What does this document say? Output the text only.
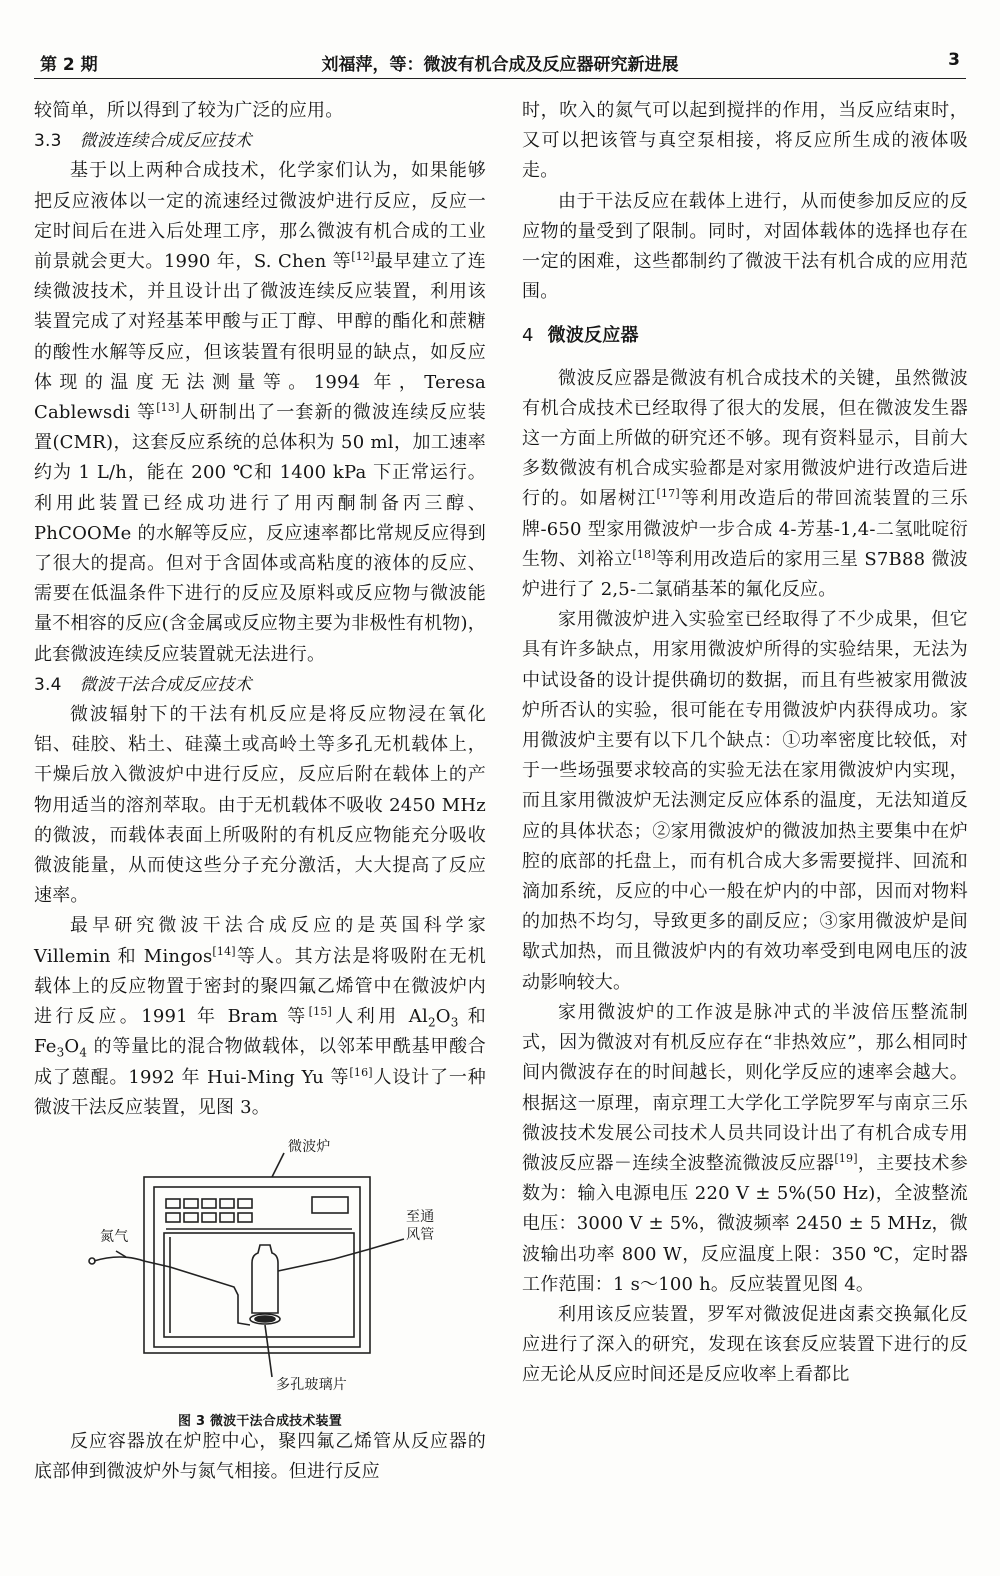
第 2 期	刘福萍，等：微波有机合成及反应器研究新进展	3

较简单，所以得到了较为广泛的应用。

3.3 微波连续合成反应技术

基于以上两种合成技术，化学家们认为，如果能够把反应液体以一定的流速经过微波炉进行反应，反应一定时间后在进入后处理工序，那么微波有机合成的工业前景就会更大。1990 年，S. Chen 等[12]最早建立了连续微波技术，并且设计出了微波连续反应装置，利用该装置完成了对羟基苯甲酸与正丁醇、甲醇的酯化和蔗糖的酸性水解等反应，但该装置有很明显的缺点，如反应体现的温度无法测量等。1994 年，Teresa Cablewsdi 等[13]人研制出了一套新的微波连续反应装置(CMR)，这套反应系统的总体积为 50 ml，加工速率约为 1 L/h，能在 200 ℃和 1400 kPa 下正常运行。利用此装置已经成功进行了用丙酮制备丙三醇、PhCOOMe 的水解等反应，反应速率都比常规反应得到了很大的提高。但对于含固体或高粘度的液体的反应、需要在低温条件下进行的反应及原料或反应物与微波能量不相容的反应(含金属或反应物主要为非极性有机物)，此套微波连续反应装置就无法进行。

3.4 微波干法合成反应技术

微波辐射下的干法有机反应是将反应物浸在氧化铝、硅胶、粘土、硅藻土或高岭土等多孔无机载体上，干燥后放入微波炉中进行反应，反应后附在载体上的产物用适当的溶剂萃取。由于无机载体不吸收 2450 MHz 的微波，而载体表面上所吸附的有机反应物能充分吸收微波能量，从而使这些分子充分激活，大大提高了反应速率。

最早研究微波干法合成反应的是英国科学家 Villemin 和 Mingos[14]等人。其方法是将吸附在无机载体上的反应物置于密封的聚四氟乙烯管中在微波炉内进行反应。1991 年 Bram 等[15]人利用 $Al_2O_3$ 和 $Fe_3O_4$ 的等量比的混合物做载体，以邻苯甲酰基甲酸合成了蒽醌。1992 年 Hui-Ming Yu 等[16]人设计了一种微波干法反应装置，见图 3。

微波炉
氮气
至通
风管
多孔玻璃片
图 3 微波干法合成技术装置

反应容器放在炉腔中心，聚四氟乙烯管从反应器的底部伸到微波炉外与氮气相接。但进行反应

时，吹入的氮气可以起到搅拌的作用，当反应结束时，又可以把该管与真空泵相接，将反应所生成的液体吸走。

由于干法反应在载体上进行，从而使参加反应的反应物的量受到了限制。同时，对固体载体的选择也存在一定的困难，这些都制约了微波干法有机合成的应用范围。

4 微波反应器

微波反应器是微波有机合成技术的关键，虽然微波有机合成技术已经取得了很大的发展，但在微波发生器这一方面上所做的研究还不够。现有资料显示，目前大多数微波有机合成实验都是对家用微波炉进行改造后进行的。如屠树江[17]等利用改造后的带回流装置的三乐牌-650 型家用微波炉一步合成 4-芳基-1,4-二氢吡啶衍生物、刘裕立[18]等利用改造后的家用三星 S7B88 微波炉进行了 2,5-二氯硝基苯的氟化反应。

家用微波炉进入实验室已经取得了不少成果，但它具有许多缺点，用家用微波炉所得的实验结果，无法为中试设备的设计提供确切的数据，而且有些被家用微波炉所否认的实验，很可能在专用微波炉内获得成功。家用微波炉主要有以下几个缺点：①功率密度比较低，对于一些场强要求较高的实验无法在家用微波炉内实现，而且家用微波炉无法测定反应体系的温度，无法知道反应的具体状态；②家用微波炉的微波加热主要集中在炉腔的底部的托盘上，而有机合成大多需要搅拌、回流和滴加系统，反应的中心一般在炉内的中部，因而对物料的加热不均匀，导致更多的副反应；③家用微波炉是间歇式加热，而且微波炉内的有效功率受到电网电压的波动影响较大。

家用微波炉的工作波是脉冲式的半波倍压整流制式，因为微波对有机反应存在“非热效应”，那么相同时间内微波存在的时间越长，则化学反应的速率会越大。根据这一原理，南京理工大学化工学院罗军与南京三乐微波技术发展公司技术人员共同设计出了有机合成专用微波反应器－连续全波整流微波反应器[19]，主要技术参数为：输入电源电压 220 V ± 5%(50 Hz)，全波整流电压：3000 V ± 5%，微波频率 2450 ± 5 MHz，微波输出功率 800 W，反应温度上限：350 ℃，定时器工作范围：1 s～100 h。反应装置见图 4。

利用该反应装置，罗军对微波促进卤素交换氟化反应进行了深入的研究，发现在该套反应装置下进行的反应无论从反应时间还是反应收率上看都比
